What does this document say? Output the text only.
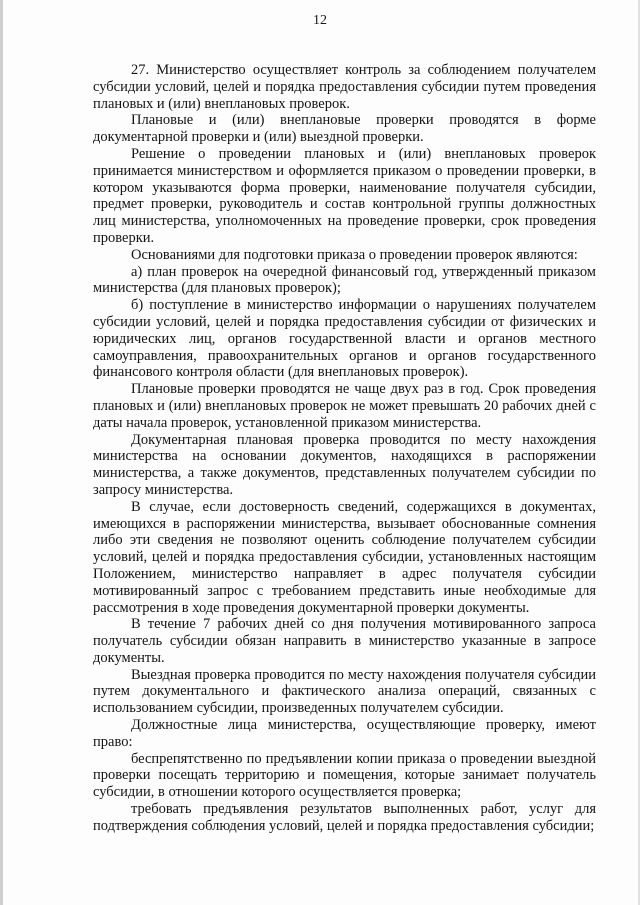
12

27. Министерство осуществляет контроль за соблюдением получателем субсидии условий, целей и порядка предоставления субсидии путем проведения плановых и (или) внеплановых проверок.

Плановые и (или) внеплановые проверки проводятся в форме документарной проверки и (или) выездной проверки.

Решение о проведении плановых и (или) внеплановых проверок принимается министерством и оформляется приказом о проведении проверки, в котором указываются форма проверки, наименование получателя субсидии, предмет проверки, руководитель и состав контрольной группы должностных лиц министерства, уполномоченных на проведение проверки, срок проведения проверки.

Основаниями для подготовки приказа о проведении проверок являются:

а) план проверок на очередной финансовый год, утвержденный приказом министерства (для плановых проверок);

б) поступление в министерство информации о нарушениях получателем субсидии условий, целей и порядка предоставления субсидии от физических и юридических лиц, органов государственной власти и органов местного самоуправления, правоохранительных органов и органов государственного финансового контроля области (для внеплановых проверок).

Плановые проверки проводятся не чаще двух раз в год. Срок проведения плановых и (или) внеплановых проверок не может превышать 20 рабочих дней с даты начала проверок, установленной приказом министерства.

Документарная плановая проверка проводится по месту нахождения министерства на основании документов, находящихся в распоряжении министерства, а также документов, представленных получателем субсидии по запросу министерства.

В случае, если достоверность сведений, содержащихся в документах, имеющихся в распоряжении министерства, вызывает обоснованные сомнения либо эти сведения не позволяют оценить соблюдение получателем субсидии условий, целей и порядка предоставления субсидии, установленных настоящим Положением, министерство направляет в адрес получателя субсидии мотивированный запрос с требованием представить иные необходимые для рассмотрения в ходе проведения документарной проверки документы.

В течение 7 рабочих дней со дня получения мотивированного запроса получатель субсидии обязан направить в министерство указанные в запросе документы.

Выездная проверка проводится по месту нахождения получателя субсидии путем документального и фактического анализа операций, связанных с использованием субсидии, произведенных получателем субсидии.

Должностные лица министерства, осуществляющие проверку, имеют право:

беспрепятственно по предъявлении копии приказа о проведении выездной проверки посещать территорию и помещения, которые занимает получатель субсидии, в отношении которого осуществляется проверка;

требовать предъявления результатов выполненных работ, услуг для подтверждения соблюдения условий, целей и порядка предоставления субсидии;
